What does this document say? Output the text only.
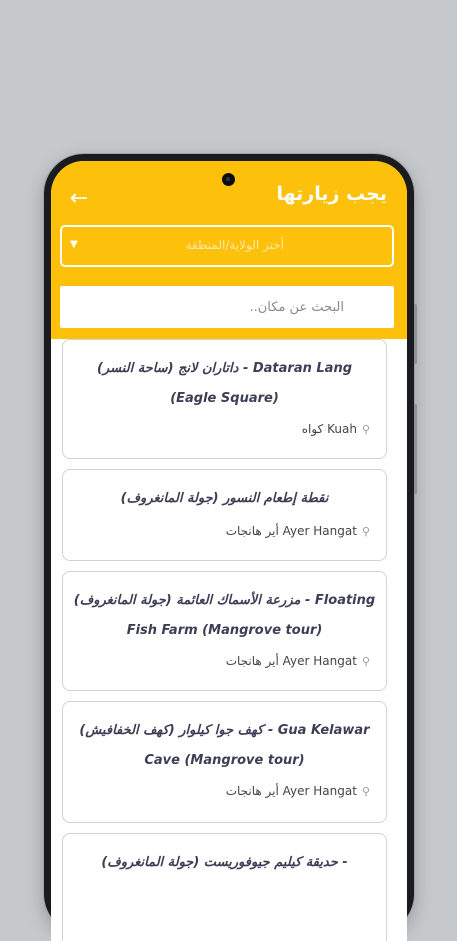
←	يجب زيارتها
▼	أختر الولاية/المنطقة
البحث عن مكان..
داتاران لانج (ساحة النسر) - Dataran Lang (Eagle Square)
⚲
Kuah كواه
نقطة إطعام النسور (جولة المانغروف)
⚲
Ayer Hangat أير هانجات
مزرعة الأسماك العائمة (جولة المانغروف) - Floating Fish Farm (Mangrove tour)
⚲
Ayer Hangat أير هانجات
كهف جوا كيلوار (كهف الخفافيش) - Gua Kelawar Cave (Mangrove tour)
⚲
Ayer Hangat أير هانجات
حديقة كيليم جيوفوريست (جولة المانغروف) -
